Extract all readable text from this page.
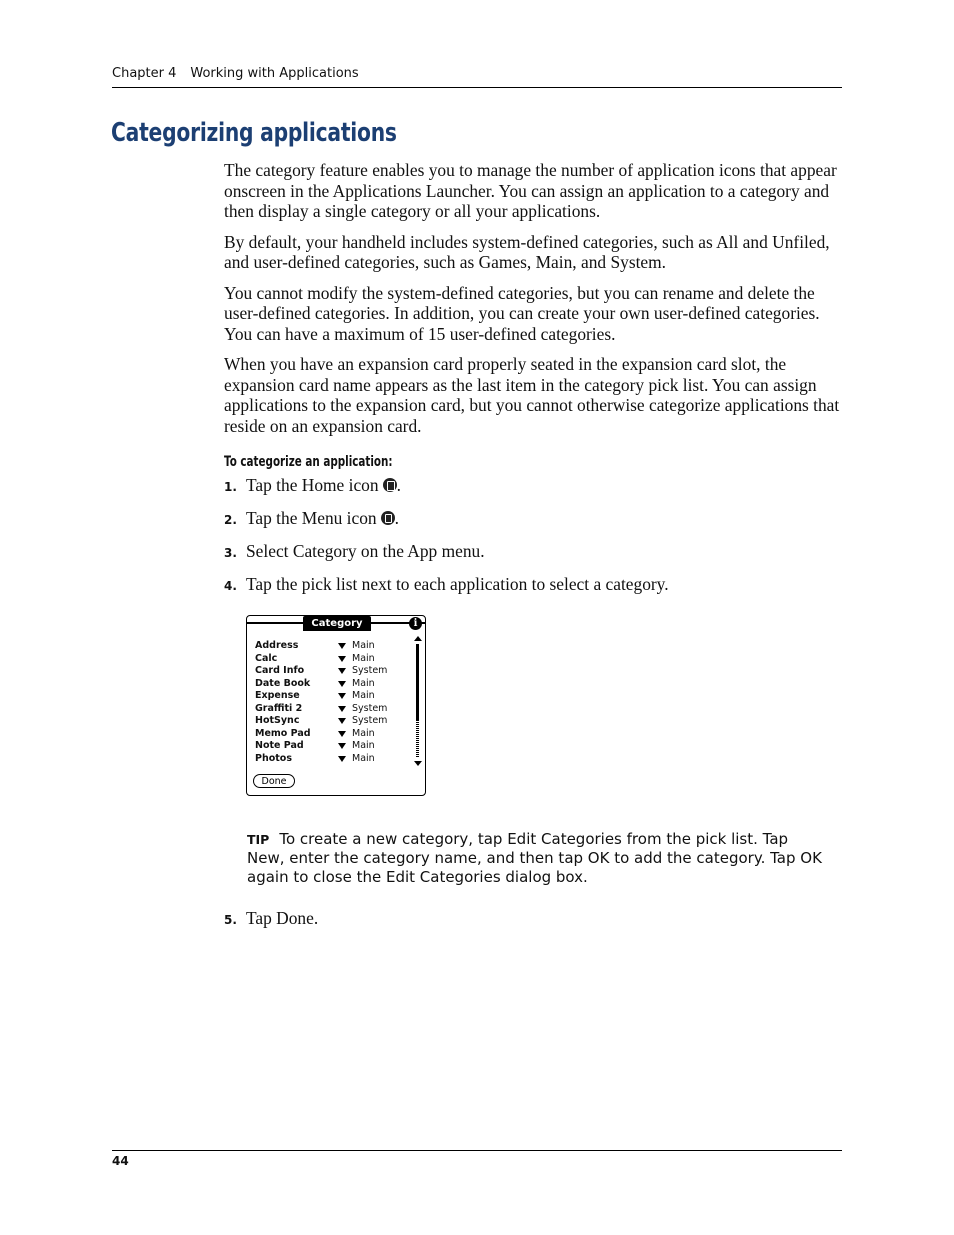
Chapter 4 Working with Applications
Categorizing applications

The category feature enables you to manage the number of application icons that appear onscreen in the Applications Launcher. You can assign an application to a category and then display a single category or all your applications.

By default, your handheld includes system-defined categories, such as All and Unfiled, and user-defined categories, such as Games, Main, and System.

You cannot modify the system-defined categories, but you can rename and delete the user-defined categories. In addition, you can create your own user-defined categories. You can have a maximum of 15 user-defined categories.

When you have an expansion card properly seated in the expansion card slot, the expansion card name appears as the last item in the category pick list. You can assign applications to the expansion card, but you cannot otherwise categorize applications that reside on an expansion card.

To categorize an application:
1. Tap the Home icon .
2. Tap the Menu icon .
3. Select Category on the App menu.
4. Tap the pick list next to each application to select a category.
Category	i
Address	Main
Calc	Main
Card Info	System
Date Book	Main
Expense	Main
Graffiti 2	System
HotSync	System
Memo Pad	Main
Note Pad	Main
Photos	Main
Done
TIP To create a new category, tap Edit Categories from the pick list. Tap New, enter the category name, and then tap OK to add the category. Tap OK again to close the Edit Categories dialog box.
5. Tap Done.
44
